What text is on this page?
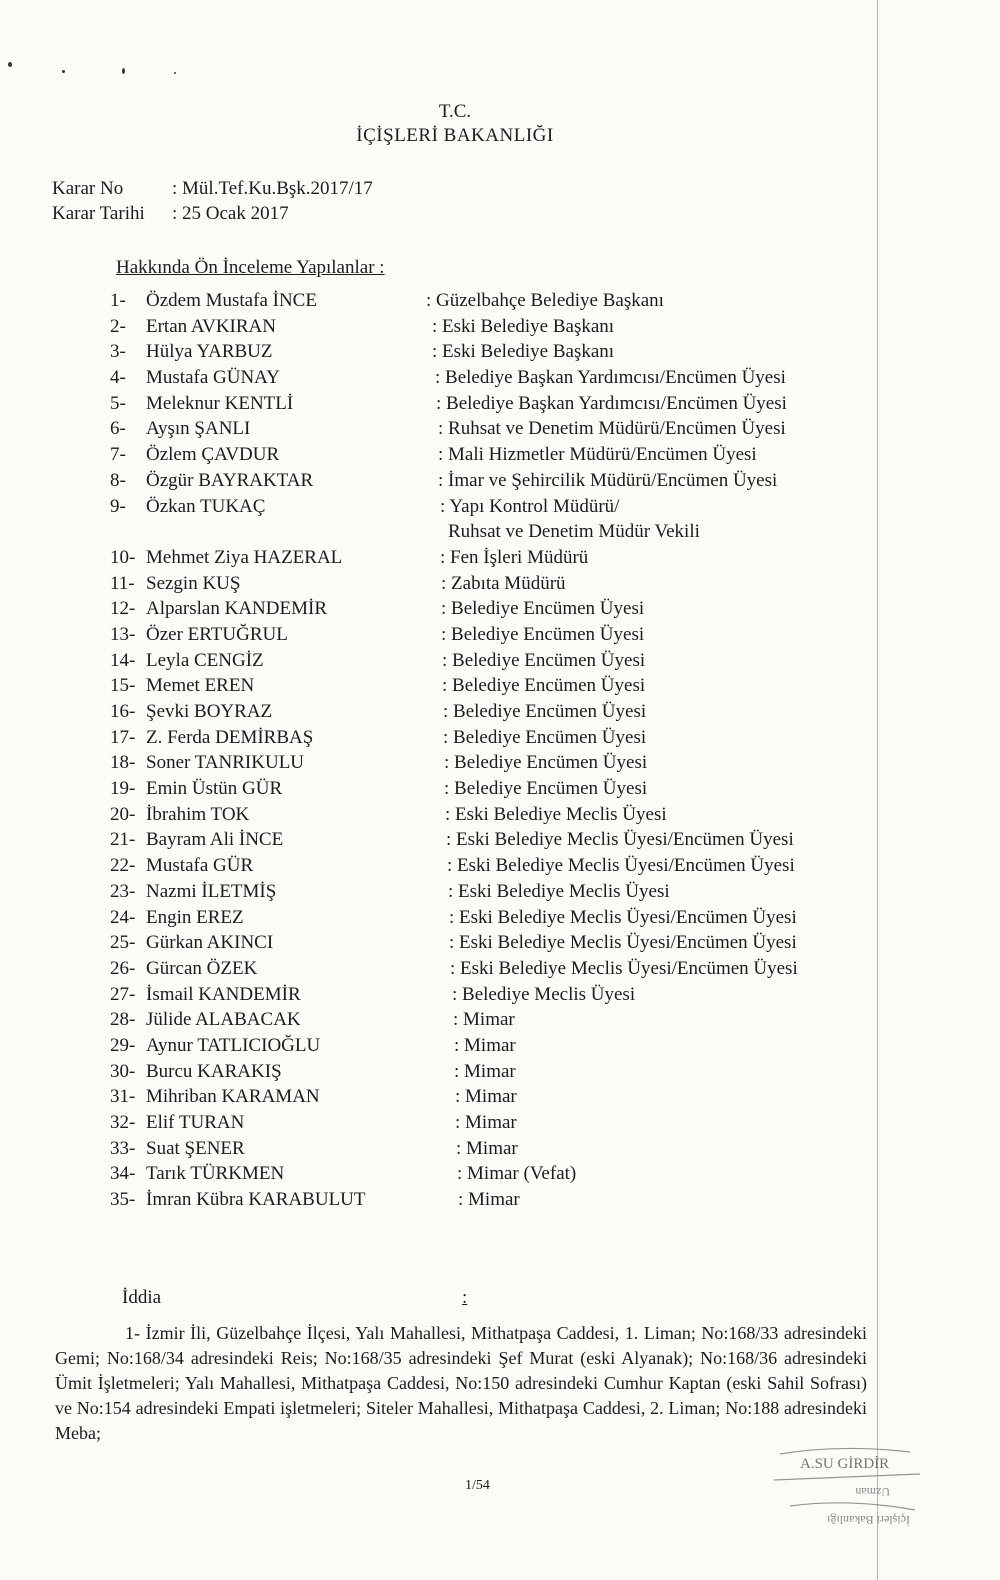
T.C.
İÇİŞLERİ BAKANLIĞI
Karar No	: Mül.Tef.Ku.Bşk.2017/17
Karar Tarihi : 25 Ocak 2017
Hakkında Ön İnceleme Yapılanlar :
1- Özdem Mustafa İNCE	: Güzelbahçe Belediye Başkanı
2- Ertan AVKIRAN	: Eski Belediye Başkanı
3- Hülya YARBUZ	: Eski Belediye Başkanı
4- Mustafa GÜNAY	: Belediye Başkan Yardımcısı/Encümen Üyesi
5- Meleknur KENTLİ	: Belediye Başkan Yardımcısı/Encümen Üyesi
6- Ayşın ŞANLI	: Ruhsat ve Denetim Müdürü/Encümen Üyesi
7- Özlem ÇAVDUR	: Mali Hizmetler Müdürü/Encümen Üyesi
8- Özgür BAYRAKTAR	: İmar ve Şehircilik Müdürü/Encümen Üyesi
9- Özkan TUKAÇ	: Yapı Kontrol Müdürü/
Ruhsat ve Denetim Müdür Vekili
10- Mehmet Ziya HAZERAL	: Fen İşleri Müdürü
11- Sezgin KUŞ	: Zabıta Müdürü
12- Alparslan KANDEMİR	: Belediye Encümen Üyesi
13- Özer ERTUĞRUL	: Belediye Encümen Üyesi
14- Leyla CENGİZ	: Belediye Encümen Üyesi
15- Memet EREN	: Belediye Encümen Üyesi
16- Şevki BOYRAZ	: Belediye Encümen Üyesi
17- Z. Ferda DEMİRBAŞ	: Belediye Encümen Üyesi
18- Soner TANRIKULU	: Belediye Encümen Üyesi
19- Emin Üstün GÜR	: Belediye Encümen Üyesi
20- İbrahim TOK	: Eski Belediye Meclis Üyesi
21- Bayram Ali İNCE	: Eski Belediye Meclis Üyesi/Encümen Üyesi
22- Mustafa GÜR	: Eski Belediye Meclis Üyesi/Encümen Üyesi
23- Nazmi İLETMİŞ	: Eski Belediye Meclis Üyesi
24- Engin EREZ	: Eski Belediye Meclis Üyesi/Encümen Üyesi
25- Gürkan AKINCI	: Eski Belediye Meclis Üyesi/Encümen Üyesi
26- Gürcan ÖZEK	: Eski Belediye Meclis Üyesi/Encümen Üyesi
27- İsmail KANDEMİR	: Belediye Meclis Üyesi
28- Jülide ALABACAK	: Mimar
29- Aynur TATLICIOĞLU	: Mimar
30- Burcu KARAKIŞ	: Mimar
31- Mihriban KARAMAN	: Mimar
32- Elif TURAN	: Mimar
33- Suat ŞENER	: Mimar
34- Tarık TÜRKMEN	: Mimar (Vefat)
35- İmran Kübra KARABULUT	: Mimar
İddia	:
1- İzmir İli, Güzelbahçe İlçesi, Yalı Mahallesi, Mithatpaşa Caddesi, 1. Liman; No:168/33 adresindeki Gemi; No:168/34 adresindeki Reis; No:168/35 adresindeki Şef Murat (eski Alyanak); No:168/36 adresindeki Ümit İşletmeleri; Yalı Mahallesi, Mithatpaşa Caddesi, No:150 adresindeki Cumhur Kaptan (eski Sahil Sofrası) ve No:154 adresindeki Empati işletmeleri; Siteler Mahallesi, Mithatpaşa Caddesi, 2. Liman; No:188 adresindeki Meba;
1/54
A.SU GİRDİR
Uzman
İçişleri Bakanlığı
